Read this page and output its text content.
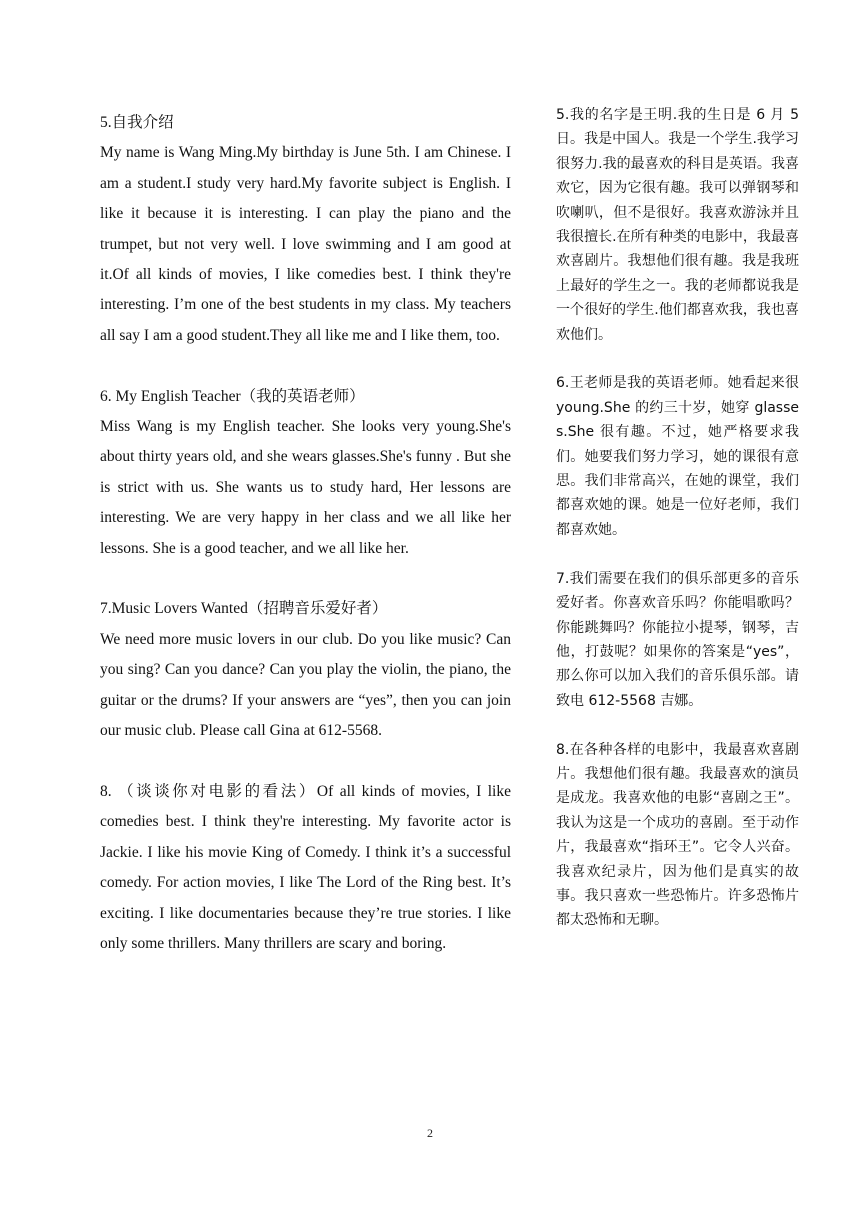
5.自我介绍

My name is Wang Ming.My birthday is June 5th. I am Chinese. I am a student.I study very hard.My favorite subject is English. I like it because it is interesting. I can play the piano and the trumpet, but not very well. I love swimming and I am good at it.Of all kinds of movies, I like comedies best. I think they're interesting. I’m one of the best students in my class. My teachers all say I am a good student.They all like me and I like them, too.

6. My English Teacher（我的英语老师）

Miss Wang is my English teacher. She looks very young.She's about thirty years old, and she wears glasses.She's funny . But she is strict with us. She wants us to study hard, Her lessons are interesting. We are very happy in her class and we all like her lessons. She is a good teacher, and we all like her.

7.Music Lovers Wanted（招聘音乐爱好者）

We need more music lovers in our club. Do you like music? Can you sing? Can you dance? Can you play the violin, the piano, the guitar or the drums? If your answers are “yes”, then you can join our music club. Please call Gina at 612-5568.

8. （谈谈你对电影的看法）Of all kinds of movies, I like comedies best. I think they're interesting. My favorite actor is Jackie. I like his movie King of Comedy. I think it’s a successful comedy. For action movies, I like The Lord of the Ring best. It’s exciting. I like documentaries because they’re true stories. I like only some thrillers. Many thrillers are scary and boring.

5.我的名字是王明.我的生日是 6 月 5 日。我是中国人。我是一个学生.我学习很努力.我的最喜欢的科目是英语。我喜欢它，因为它很有趣。我可以弹钢琴和吹喇叭，但不是很好。我喜欢游泳并且我很擅长.在所有种类的电影中，我最喜欢喜剧片。我想他们很有趣。我是我班上最好的学生之一。我的老师都说我是一个很好的学生.他们都喜欢我，我也喜欢他们。

6.王老师是我的英语老师。她看起来很 young.She 的约三十岁，她穿 glasses.She 很有趣。不过，她严格要求我们。她要我们努力学习，她的课很有意思。我们非常高兴，在她的课堂，我们都喜欢她的课。她是一位好老师，我们都喜欢她。

7.我们需要在我们的俱乐部更多的音乐爱好者。你喜欢音乐吗？你能唱歌吗？你能跳舞吗？你能拉小提琴，钢琴，吉他，打鼓呢？如果你的答案是“yes”，那么你可以加入我们的音乐俱乐部。请致电 612-5568 吉娜。

8.在各种各样的电影中，我最喜欢喜剧片。我想他们很有趣。我最喜欢的演员是成龙。我喜欢他的电影“喜剧之王”。我认为这是一个成功的喜剧。至于动作片，我最喜欢“指环王”。它令人兴奋。我喜欢纪录片，因为他们是真实的故事。我只喜欢一些恐怖片。许多恐怖片都太恐怖和无聊。

2
